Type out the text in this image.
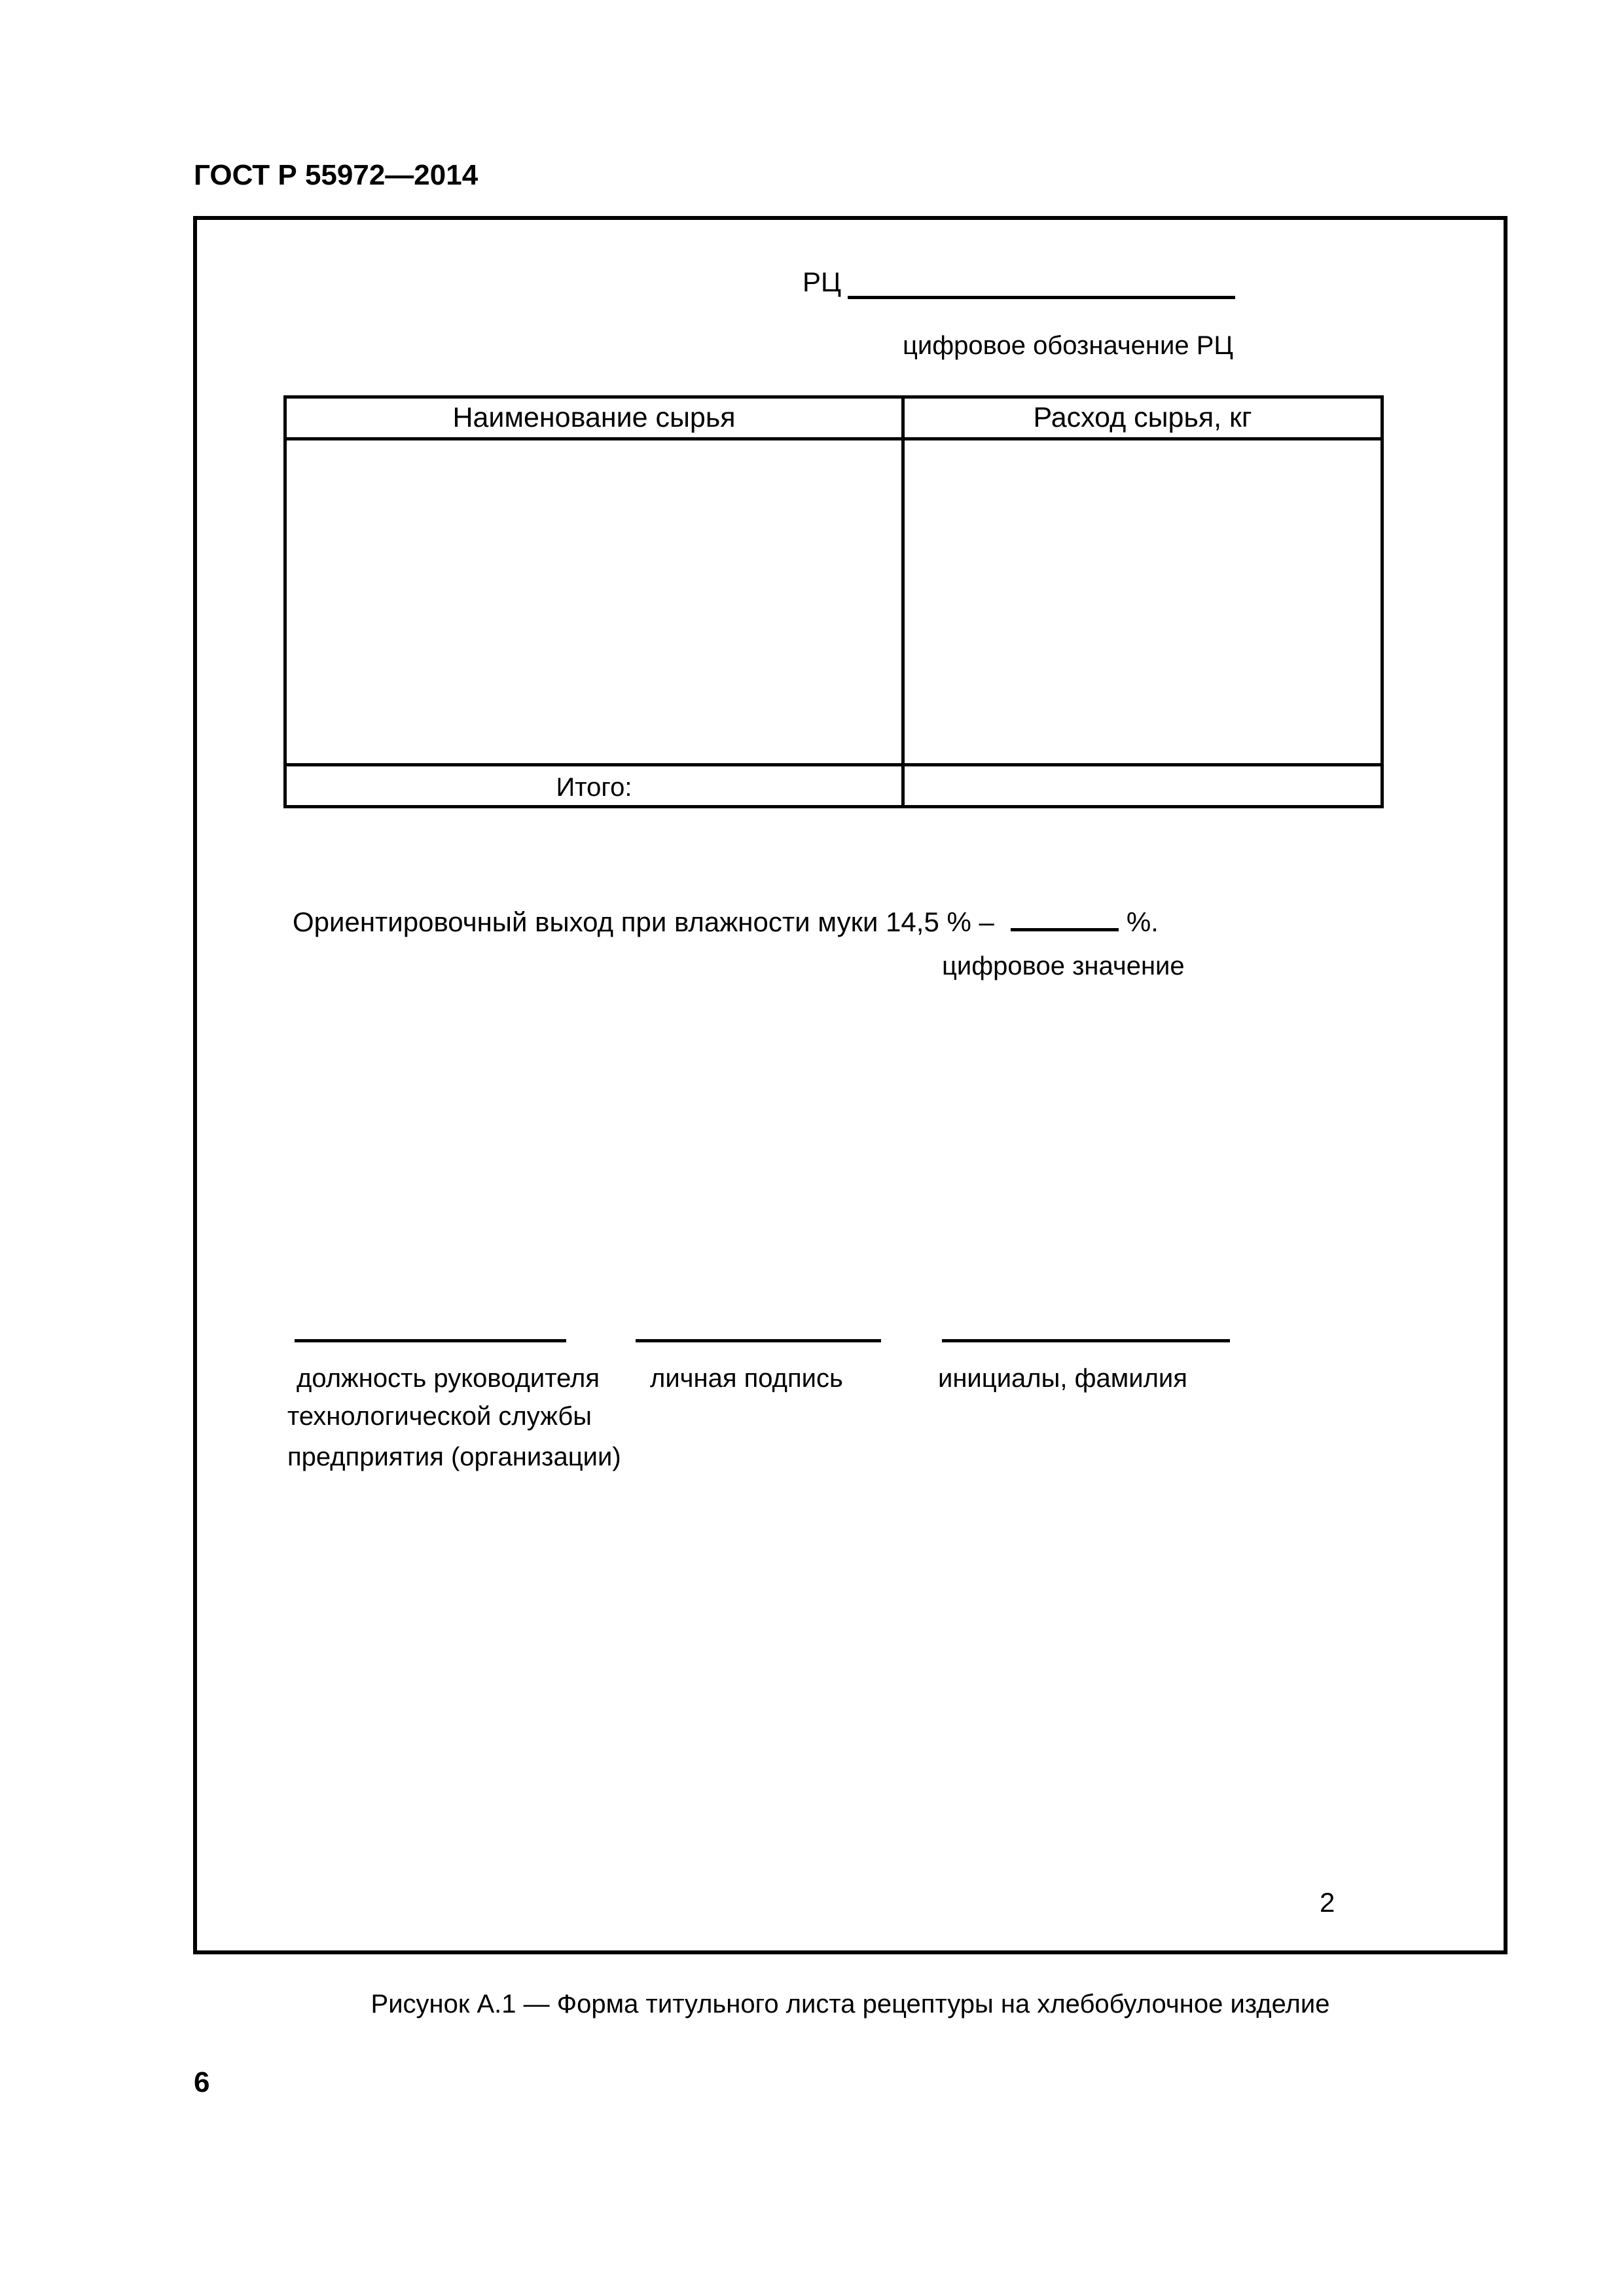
ГОСТ Р 55972—2014
РЦ
цифровое обозначение РЦ
Наименование сырья	Расход сырья, кг
Итого:
Ориентировочный выход при влажности муки 14,5 % –	%.
цифровое значение
должность руководителя
технологической службы
предприятия (организации)
личная подпись	инициалы, фамилия
2
Рисунок А.1 — Форма титульного листа рецептуры на хлебобулочное изделие
6
